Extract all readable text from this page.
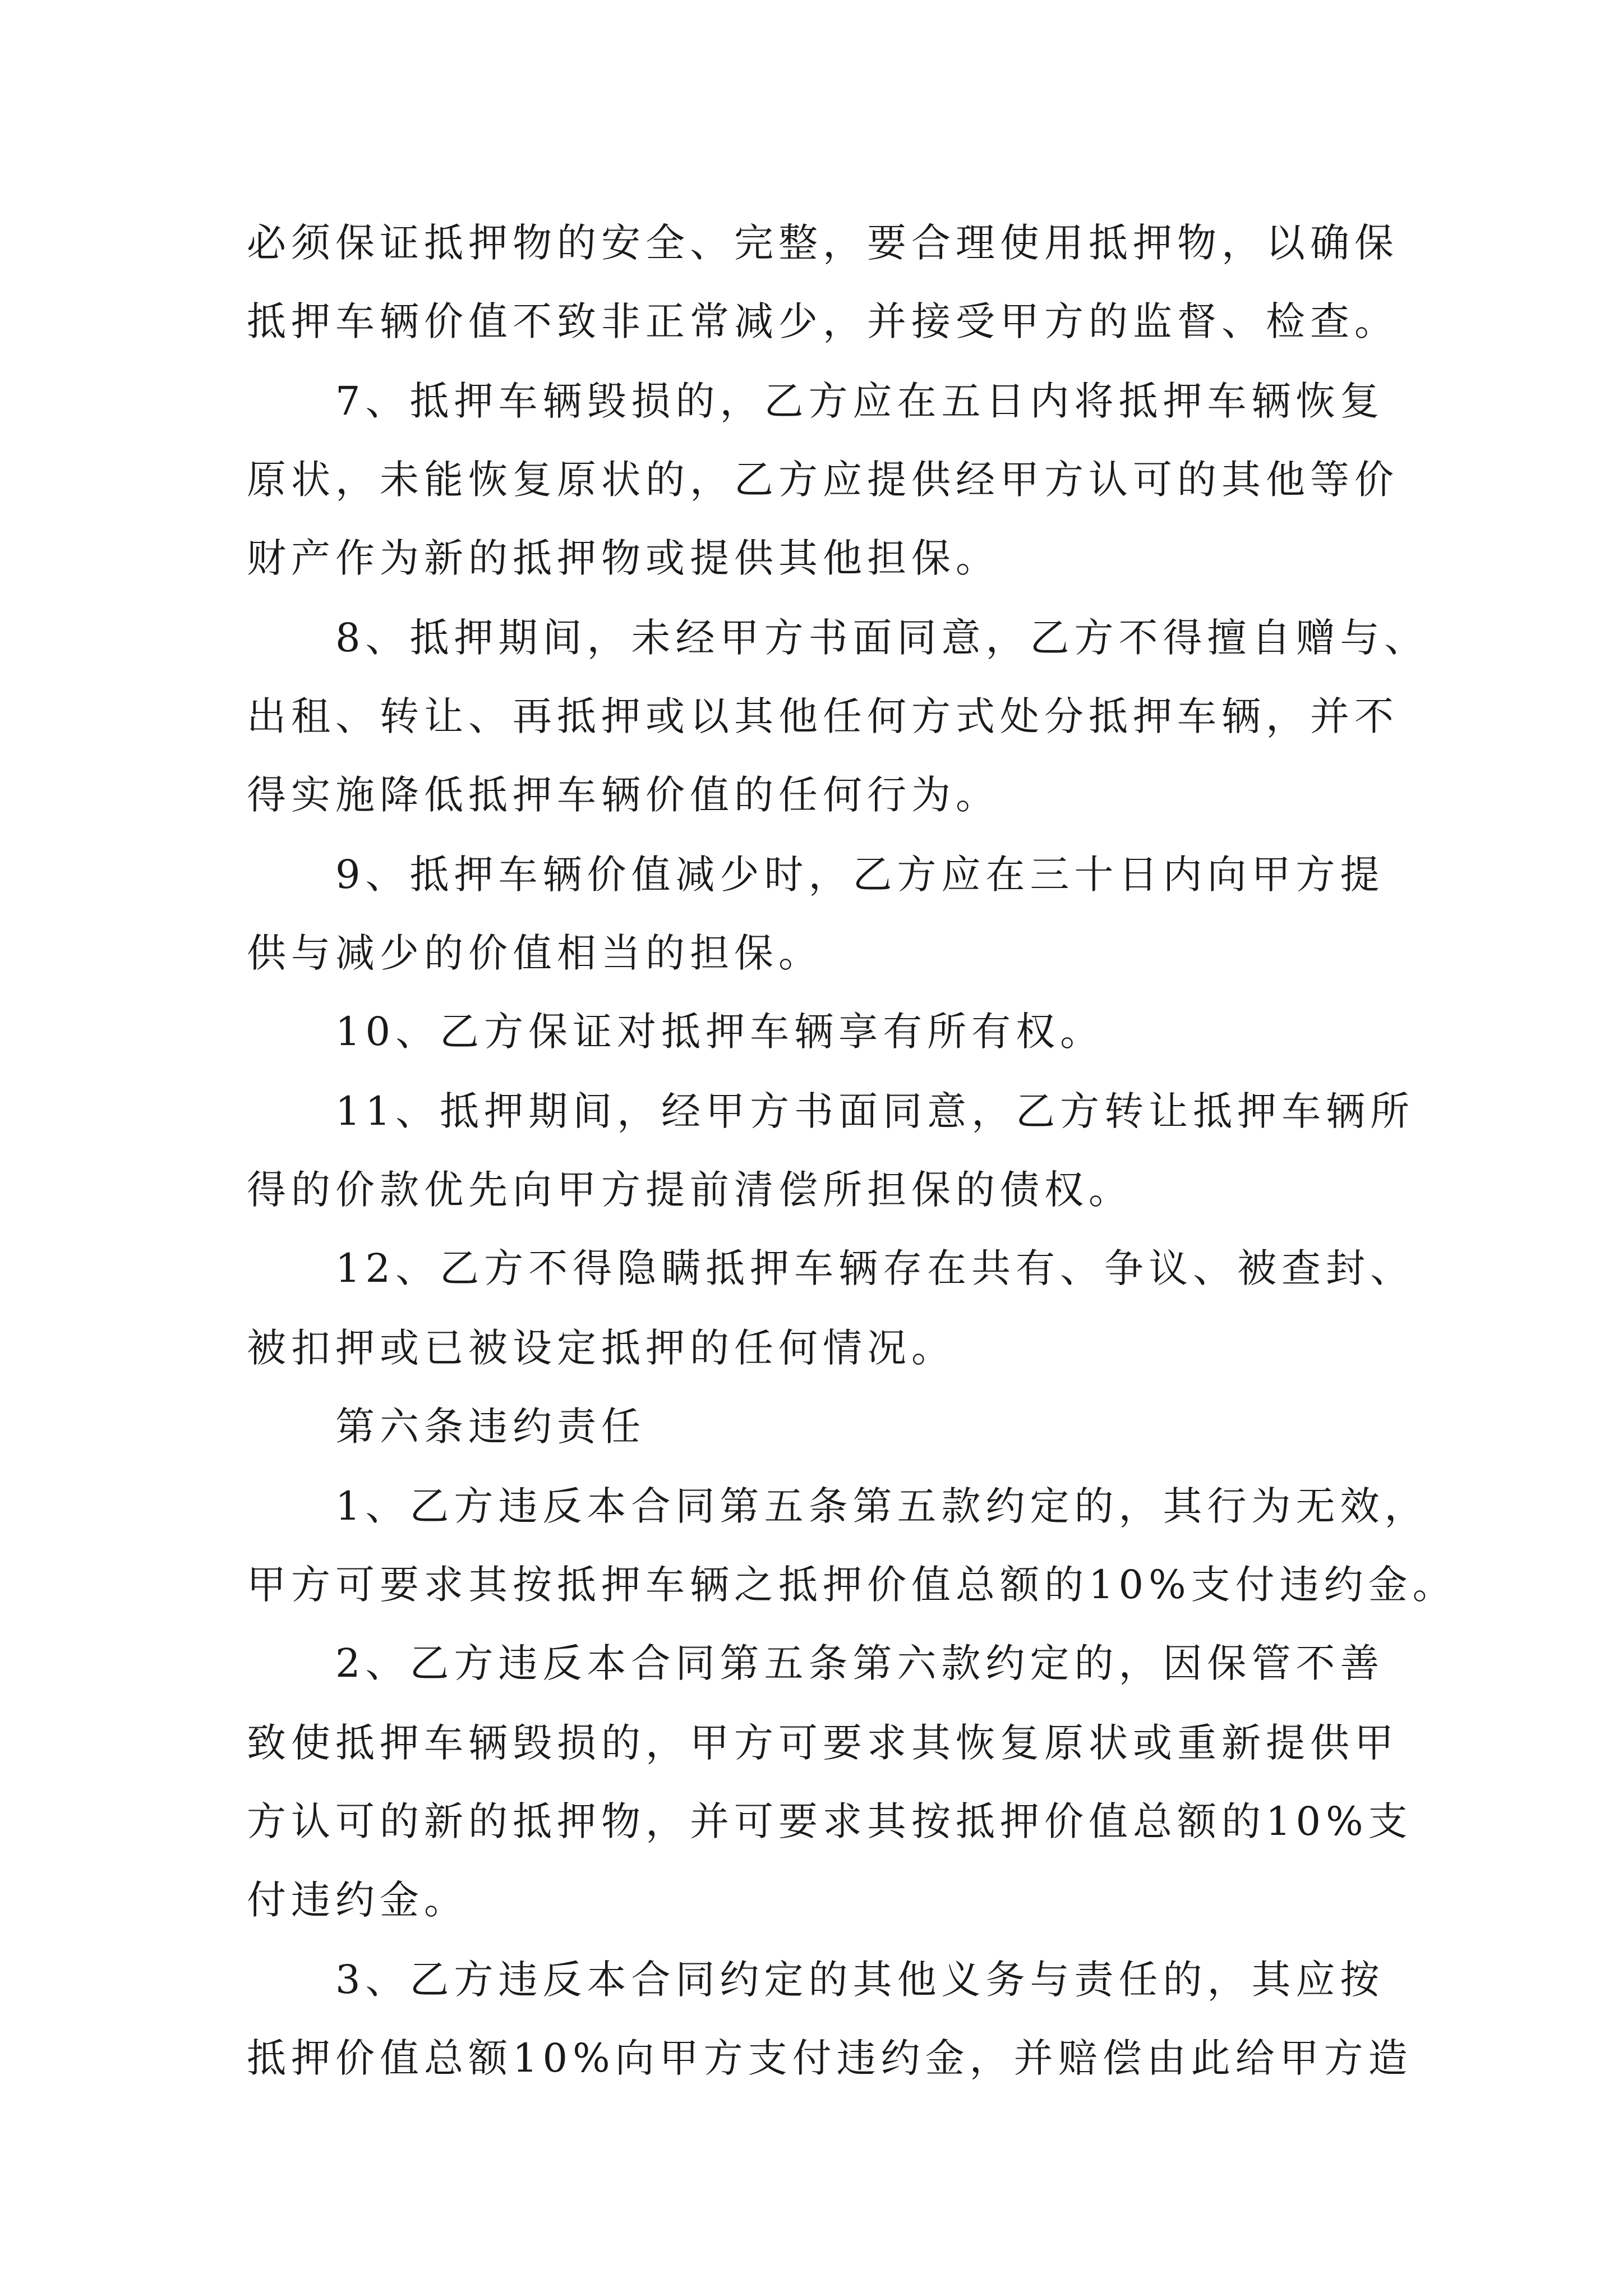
必须保证抵押物的安全、完整，要合理使用抵押物，以确保

抵押车辆价值不致非正常减少，并接受甲方的监督、检查。

7、抵押车辆毁损的，乙方应在五日内将抵押车辆恢复

原状，未能恢复原状的，乙方应提供经甲方认可的其他等价

财产作为新的抵押物或提供其他担保。

8、抵押期间，未经甲方书面同意，乙方不得擅自赠与、

出租、转让、再抵押或以其他任何方式处分抵押车辆，并不

得实施降低抵押车辆价值的任何行为。

9、抵押车辆价值减少时，乙方应在三十日内向甲方提

供与减少的价值相当的担保。

10、乙方保证对抵押车辆享有所有权。

11、抵押期间，经甲方书面同意，乙方转让抵押车辆所

得的价款优先向甲方提前清偿所担保的债权。

12、乙方不得隐瞒抵押车辆存在共有、争议、被查封、

被扣押或已被设定抵押的任何情况。

第六条违约责任

1、乙方违反本合同第五条第五款约定的，其行为无效，

甲方可要求其按抵押车辆之抵押价值总额的10%支付违约金。

2、乙方违反本合同第五条第六款约定的，因保管不善

致使抵押车辆毁损的，甲方可要求其恢复原状或重新提供甲

方认可的新的抵押物，并可要求其按抵押价值总额的10%支

付违约金。

3、乙方违反本合同约定的其他义务与责任的，其应按

抵押价值总额10%向甲方支付违约金，并赔偿由此给甲方造
